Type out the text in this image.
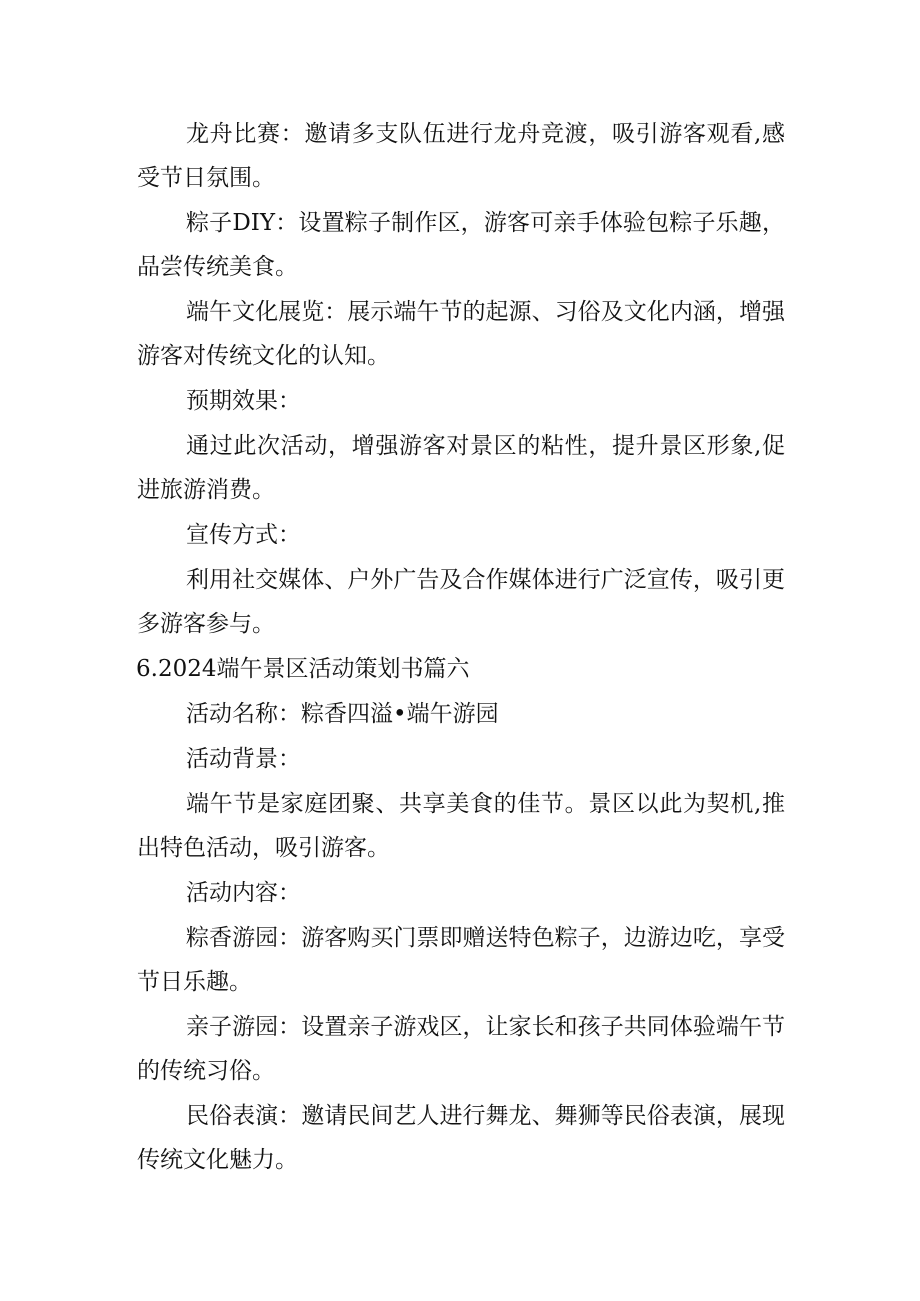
龙舟比赛：邀请多支队伍进行龙舟竞渡，吸引游客观看,感受节日氛围。

粽子DIY：设置粽子制作区，游客可亲手体验包粽子乐趣，品尝传统美食。

端午文化展览：展示端午节的起源、习俗及文化内涵，增强游客对传统文化的认知。

预期效果：

通过此次活动，增强游客对景区的粘性，提升景区形象,促进旅游消费。

宣传方式：

利用社交媒体、户外广告及合作媒体进行广泛宣传，吸引更多游客参与。

6.2024端午景区活动策划书篇六

活动名称：粽香四溢•端午游园

活动背景：

端午节是家庭团聚、共享美食的佳节。景区以此为契机,推出特色活动，吸引游客。

活动内容：

粽香游园：游客购买门票即赠送特色粽子，边游边吃，享受节日乐趣。

亲子游园：设置亲子游戏区，让家长和孩子共同体验端午节的传统习俗。

民俗表演：邀请民间艺人进行舞龙、舞狮等民俗表演，展现传统文化魅力。
